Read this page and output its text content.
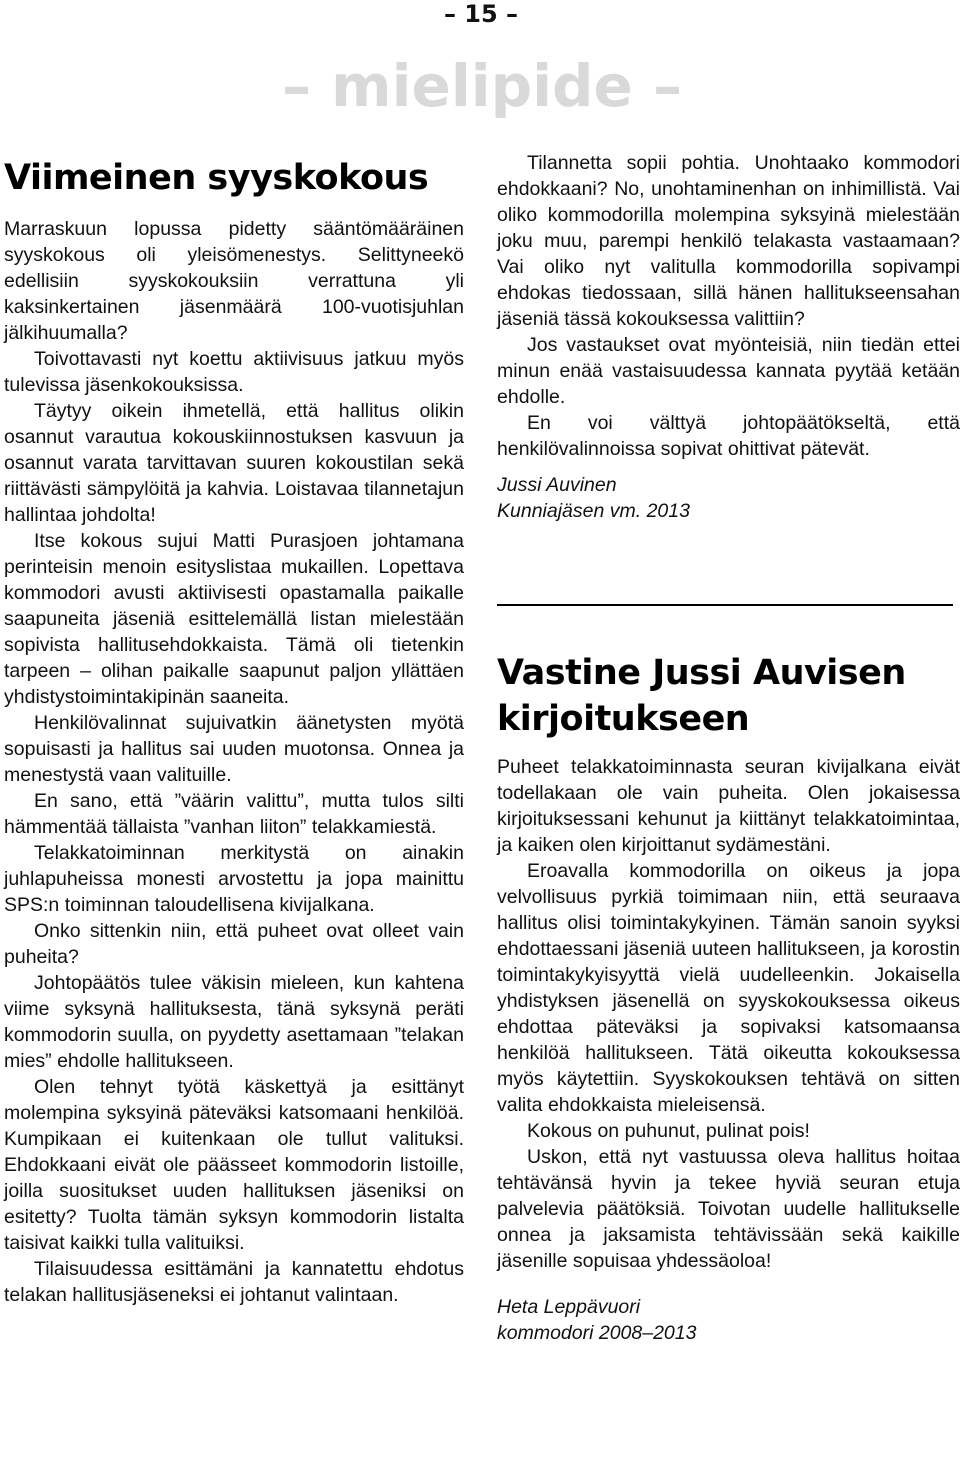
– 15 –
– mielipide –
Viimeinen syyskokous

Marraskuun lopussa pidetty sääntömääräinen syyskokous oli yleisömenestys. Selittyneekö edellisiin syyskokouksiin verrattuna yli kaksinkertainen jäsenmäärä 100-vuotisjuhlan jälkihuumalla?

Toivottavasti nyt koettu aktiivisuus jatkuu myös tulevissa jäsenkokouksissa.

Täytyy oikein ihmetellä, että hallitus olikin osannut varautua kokouskiinnostuksen kasvuun ja osannut varata tarvittavan suuren kokoustilan sekä riittävästi sämpylöitä ja kahvia. Loistavaa tilannetajun hallintaa johdolta!

Itse kokous sujui Matti Purasjoen johtamana perinteisin menoin esityslistaa mukaillen. Lopettava kommodori avusti aktiivisesti opastamalla paikalle saapuneita jäseniä esittelemällä listan mielestään sopivista hallitusehdokkaista. Tämä oli tietenkin tarpeen – olihan paikalle saapunut paljon yllättäen yhdistystoimintakipinän saaneita.

Henkilövalinnat sujuivatkin äänetysten myötä sopuisasti ja hallitus sai uuden muotonsa. Onnea ja menestystä vaan valituille.

En sano, että ”väärin valittu”, mutta tulos silti hämmentää tällaista ”vanhan liiton” telakkamiestä.

Telakkatoiminnan merkitystä on ainakin juhlapuheissa monesti arvostettu ja jopa mainittu SPS:n toiminnan taloudellisena kivijalkana.

Onko sittenkin niin, että puheet ovat olleet vain puheita?

Johtopäätös tulee väkisin mieleen, kun kahtena viime syksynä hallituksesta, tänä syksynä peräti kommodorin suulla, on pyydetty asettamaan ”telakan mies” ehdolle hallitukseen.

Olen tehnyt työtä käskettyä ja esittänyt molempina syksyinä päteväksi katsomaani henkilöä. Kumpikaan ei kuitenkaan ole tullut valituksi. Ehdokkaani eivät ole päässeet kommodorin listoille, joilla suositukset uuden hallituksen jäseniksi on esitetty? Tuolta tämän syksyn kommodorin listalta taisivat kaikki tulla valituiksi.

Tilaisuudessa esittämäni ja kannatettu ehdotus telakan hallitusjäseneksi ei johtanut valintaan.

Tilannetta sopii pohtia. Unohtaako kommodori ehdokkaani? No, unohtaminenhan on inhimillistä. Vai oliko kommodorilla molempina syksyinä mielestään joku muu, parempi henkilö telakasta vastaamaan? Vai oliko nyt valitulla kommodorilla sopivampi ehdokas tiedossaan, sillä hänen hallitukseensahan jäseniä tässä kokouksessa valittiin?

Jos vastaukset ovat myönteisiä, niin tiedän ettei minun enää vastaisuudessa kannata pyytää ketään ehdolle.

En voi välttyä johtopäätökseltä, että henkilövalinnoissa sopivat ohittivat pätevät.

Jussi Auvinen

Kunniajäsen vm. 2013

Vastine Jussi Auvisen kirjoitukseen

Puheet telakkatoiminnasta seuran kivijalkana eivät todellakaan ole vain puheita. Olen jokaisessa kirjoituksessani kehunut ja kiittänyt telakkatoimintaa, ja kaiken olen kirjoittanut sydämestäni.

Eroavalla kommodorilla on oikeus ja jopa velvollisuus pyrkiä toimimaan niin, että seuraava hallitus olisi toimintakykyinen. Tämän sanoin syyksi ehdottaessani jäseniä uuteen hallitukseen, ja korostin toimintakykyisyyttä vielä uudelleenkin. Jokaisella yhdistyksen jäsenellä on syyskokouksessa oikeus ehdottaa päteväksi ja sopivaksi katsomaansa henkilöä hallitukseen. Tätä oikeutta kokouksessa myös käytettiin. Syyskokouksen tehtävä on sitten valita ehdokkaista mieleisensä.

Kokous on puhunut, pulinat pois!

Uskon, että nyt vastuussa oleva hallitus hoitaa tehtävänsä hyvin ja tekee hyviä seuran etuja palvelevia päätöksiä. Toivotan uudelle hallitukselle onnea ja jaksamista tehtävissään sekä kaikille jäsenille sopuisaa yhdessäoloa!

Heta Leppävuori

kommodori 2008–2013
